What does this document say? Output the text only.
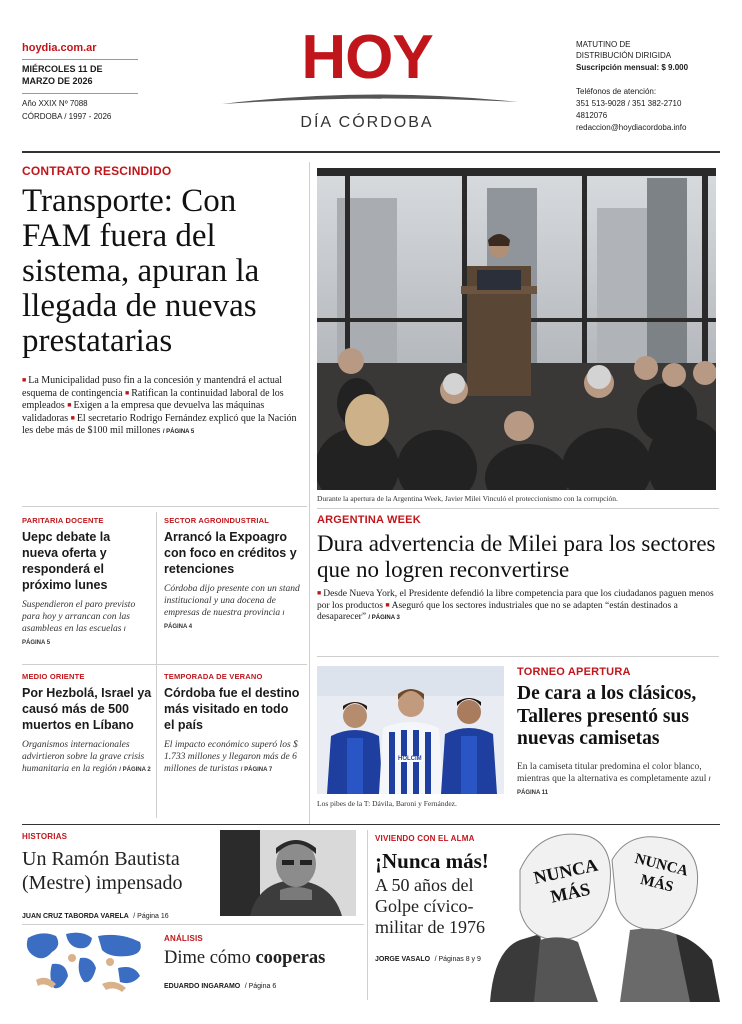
hoydia.com.ar
MIÉRCOLES 11 DE
MARZO DE 2026
Año XXIX Nº 7088
CÓRDOBA / 1997 - 2026
HOY
DÍA CÓRDOBA
MATUTINO DE
DISTRIBUCIÓN DIRIGIDA
Suscripción mensual: $ 9.000
Teléfonos de atención:
351 513-9028 / 351 382-2710
4812076
redaccion@hoydiacordoba.info
CONTRATO RESCINDIDO
Transporte: Con FAM fuera del sistema, apuran la llegada de nuevas prestatarias
■ La Municipalidad puso fin a la concesión y mantendrá el actual esquema de contingencia ■ Ratifican la continuidad laboral de los empleados ■ Exigen a la empresa que devuelva las máquinas validadoras ■ El secretario Rodrigo Fernández explicó que la Nación les debe más de $100 mil millones / PÁGINA 5
Durante la apertura de la Argentina Week, Javier Milei Vinculó el proteccionismo con la corrupción.
ARGENTINA WEEK
Dura advertencia de Milei para los sectores que no logren reconvertirse
■ Desde Nueva York, el Presidente defendió la libre competencia para que los ciudadanos paguen menos por los productos ■ Aseguró que los sectores industriales que no se adapten “están destinados a desaparecer” / PÁGINA 3
PARITARIA DOCENTE
Uepc debate la nueva oferta y responderá el próximo lunes
Suspendieron el paro previsto para hoy y arrancan con las asambleas en las escuelas / PÁGINA 5
SECTOR AGROINDUSTRIAL
Arrancó la Expoagro con foco en créditos y retenciones
Córdoba dijo presente con un stand institucional y una docena de empresas de nuestra provincia / PÁGINA 4
MEDIO ORIENTE
Por Hezbolá, Israel ya causó más de 500 muertos en Líbano
Organismos internacionales advirtieron sobre la grave crisis humanitaria en la región / PÁGINA 2
TEMPORADA DE VERANO
Córdoba fue el destino más visitado en todo el país
El impacto económico superó los $ 1.733 millones y llegaron más de 6 millones de turistas / PÁGINA 7
HOLCIM
Los pibes de la T: Dávila, Baroni y Fernández.
TORNEO APERTURA
De cara a los clásicos, Talleres presentó sus nuevas camisetas
En la camiseta titular predomina el color blanco, mientras que la alternativa es completamente azul / PÁGINA 11
HISTORIAS
Un Ramón Bautista (Mestre) impensado
JUAN CRUZ TABORDA VARELA / Página 16
ANÁLISIS
Dime cómo cooperas
EDUARDO INGARAMO / Página 6
NUNCA MÁS
NUNCA MÁS
VIVIENDO CON EL ALMA
¡Nunca más!
A 50 años del Golpe cívico-militar de 1976
JORGE VASALO / Páginas 8 y 9
